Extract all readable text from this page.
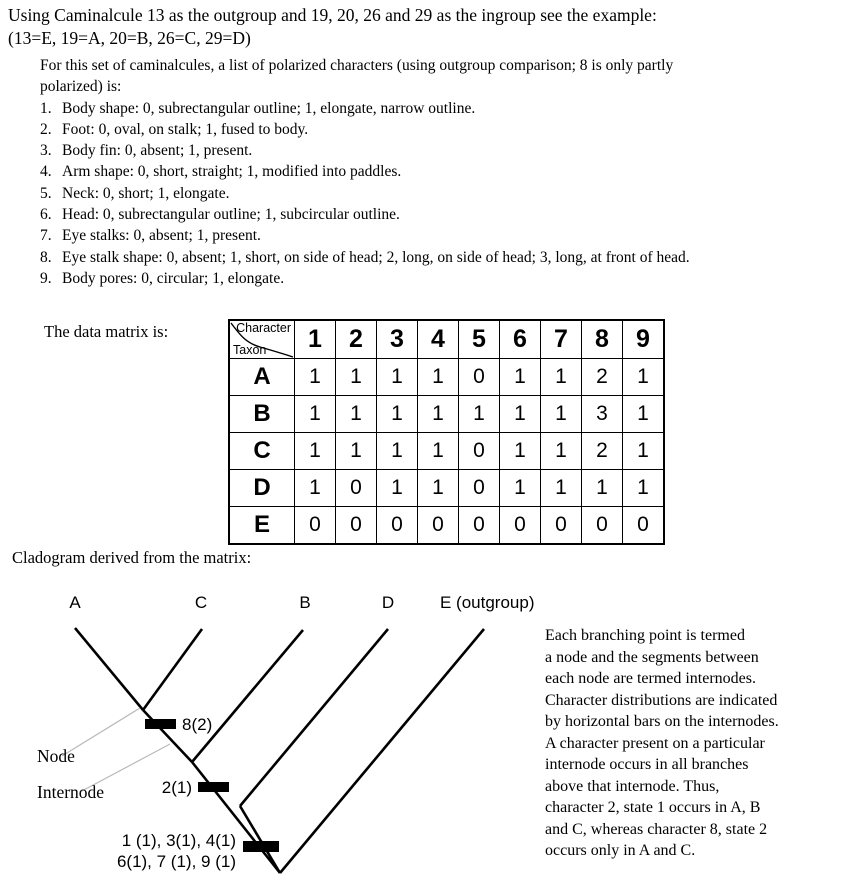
Using Caminalcule 13 as the outgroup and 19, 20, 26 and 29 as the ingroup see the example:
(13=E, 19=A, 20=B, 26=C, 29=D)
For this set of caminalcules, a list of polarized characters (using outgroup comparison; 8 is only partly
polarized) is:
1. Body shape: 0, subrectangular outline; 1, elongate, narrow outline.
2. Foot: 0, oval, on stalk; 1, fused to body.
3. Body fin: 0, absent; 1, present.
4. Arm shape: 0, short, straight; 1, modified into paddles.
5. Neck: 0, short; 1, elongate.
6. Head: 0, subrectangular outline; 1, subcircular outline.
7. Eye stalks: 0, absent; 1, present.
8. Eye stalk shape: 0, absent; 1, short, on side of head; 2, long, on side of head; 3, long, at front of head.
9. Body pores: 0, circular; 1, elongate.
The data matrix is:	Character
Taxon	1	2	3	4	5	6	7	8	9
A	1	1	1	1	0	1	1	2	1
B	1	1	1	1	1	1	1	3	1
C	1	1	1	1	0	1	1	2	1
D	1	0	1	1	0	1	1	1	1
E	0	0	0	0	0	0	0	0	0
Cladogram derived from the matrix:
A	C	B	D	E (outgroup)
8(2)
2(1)
1 (1), 3(1), 4(1)
6(1), 7 (1), 9 (1)
Node
Internode
Each branching point is termed
a node and the segments between
each node are termed internodes.
Character distributions are indicated
by horizontal bars on the internodes.
A character present on a particular
internode occurs in all branches
above that internode. Thus,
character 2, state 1 occurs in A, B
and C, whereas character 8, state 2
occurs only in A and C.
